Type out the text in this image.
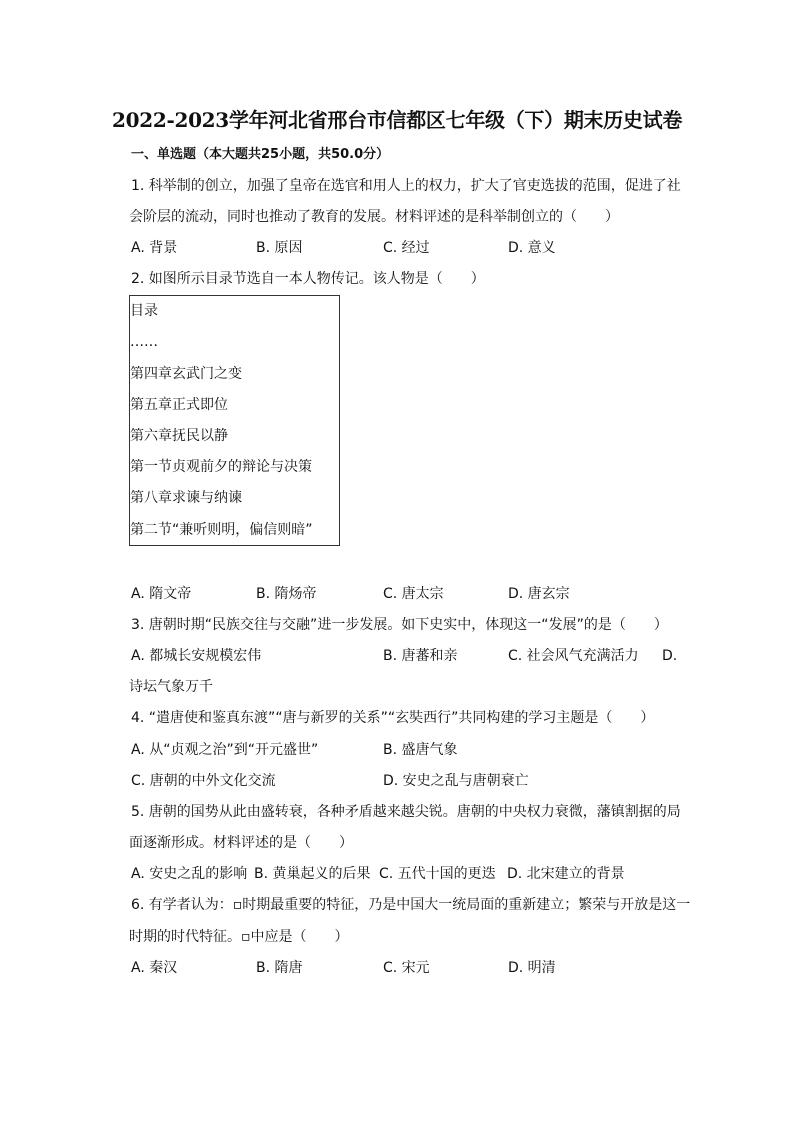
2022-2023学年河北省邢台市信都区七年级（下）期末历史试卷
一、单选题（本大题共25小题，共50.0分）
1. 科举制的创立，加强了皇帝在选官和用人上的权力，扩大了官吏选拔的范围，促进了社
会阶层的流动，同时也推动了教育的发展。材料评述的是科举制创立的（　　）
A. 背景	B. 原因	C. 经过	D. 意义
2. 如图所示目录节选自一本人物传记。该人物是（　　）
目录
……
第四章玄武门之变
第五章正式即位
第六章抚民以静
第一节贞观前夕的辩论与决策
第八章求谏与纳谏
第二节“兼听则明，偏信则暗”
A. 隋文帝	B. 隋炀帝	C. 唐太宗	D. 唐玄宗
3. 唐朝时期“民族交往与交融”进一步发展。如下史实中，体现这一“发展”的是（　　）
A. 都城长安规模宏伟	B. 唐蕃和亲	C. 社会风气充满活力 D.
诗坛气象万千
4. “遣唐使和鉴真东渡”“唐与新罗的关系”“玄奘西行”共同构建的学习主题是（　　）
A. 从“贞观之治”到“开元盛世”	B. 盛唐气象
C. 唐朝的中外文化交流	D. 安史之乱与唐朝衰亡
5. 唐朝的国势从此由盛转衰，各种矛盾越来越尖锐。唐朝的中央权力衰微，藩镇割据的局
面逐渐形成。材料评述的是（　　）
A. 安史之乱的影响 B. 黄巢起义的后果 C. 五代十国的更迭 D. 北宋建立的背景
6. 有学者认为：▫时期最重要的特征，乃是中国大一统局面的重新建立；繁荣与开放是这一
时期的时代特征。▫中应是（　　）
A. 秦汉	B. 隋唐	C. 宋元	D. 明清
